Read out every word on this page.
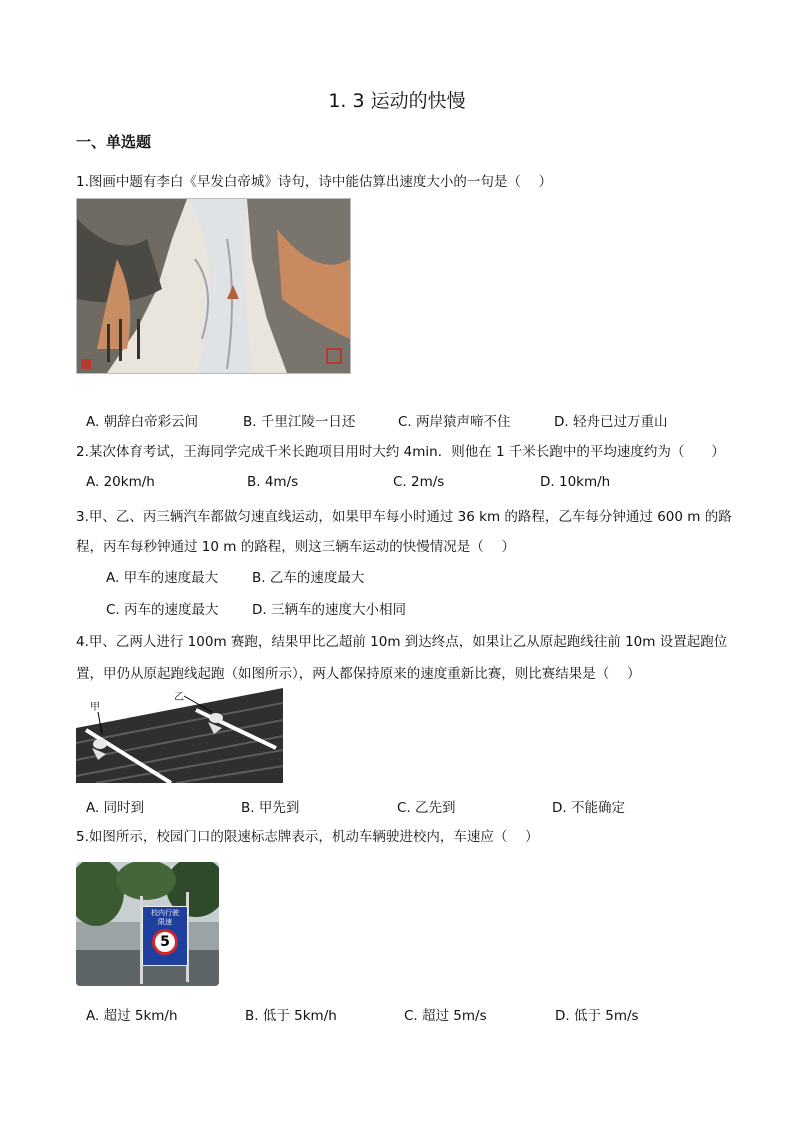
1. 3 运动的快慢
一、单选题
1.图画中题有李白《早发白帝城》诗句，诗中能估算出速度大小的一句是（　 ）
A. 朝辞白帝彩云间	B. 千里江陵一日还	C. 两岸猿声啼不住	D. 轻舟已过万重山
2.某次体育考试，王海同学完成千米长跑项目用时大约 4min．则他在 1 千米长跑中的平均速度约为（　　）
A. 20km/h	B. 4m/s	C. 2m/s	D. 10km/h
3.甲、乙、丙三辆汽车都做匀速直线运动，如果甲车每小时通过 36 km 的路程，乙车每分钟通过 600 m 的路程，丙车每秒钟通过 10 m 的路程，则这三辆车运动的快慢情况是（　 ）
A. 甲车的速度最大	B. 乙车的速度最大
C. 丙车的速度最大 D. 三辆车的速度大小相同
4.甲、乙两人进行 100m 赛跑，结果甲比乙超前 10m 到达终点，如果让乙从原起跑线往前 10m 设置起跑位置，甲仍从原起跑线起跑（如图所示），两人都保持原来的速度重新比赛，则比赛结果是（　 ）
甲
乙
A. 同时到	B. 甲先到	C. 乙先到	D. 不能确定
5.如图所示，校园门口的限速标志牌表示，机动车辆驶进校内，车速应（　 ）
校内行驶
限速
5
A. 超过 5km/h	B. 低于 5km/h	C. 超过 5m/s	D. 低于 5m/s
